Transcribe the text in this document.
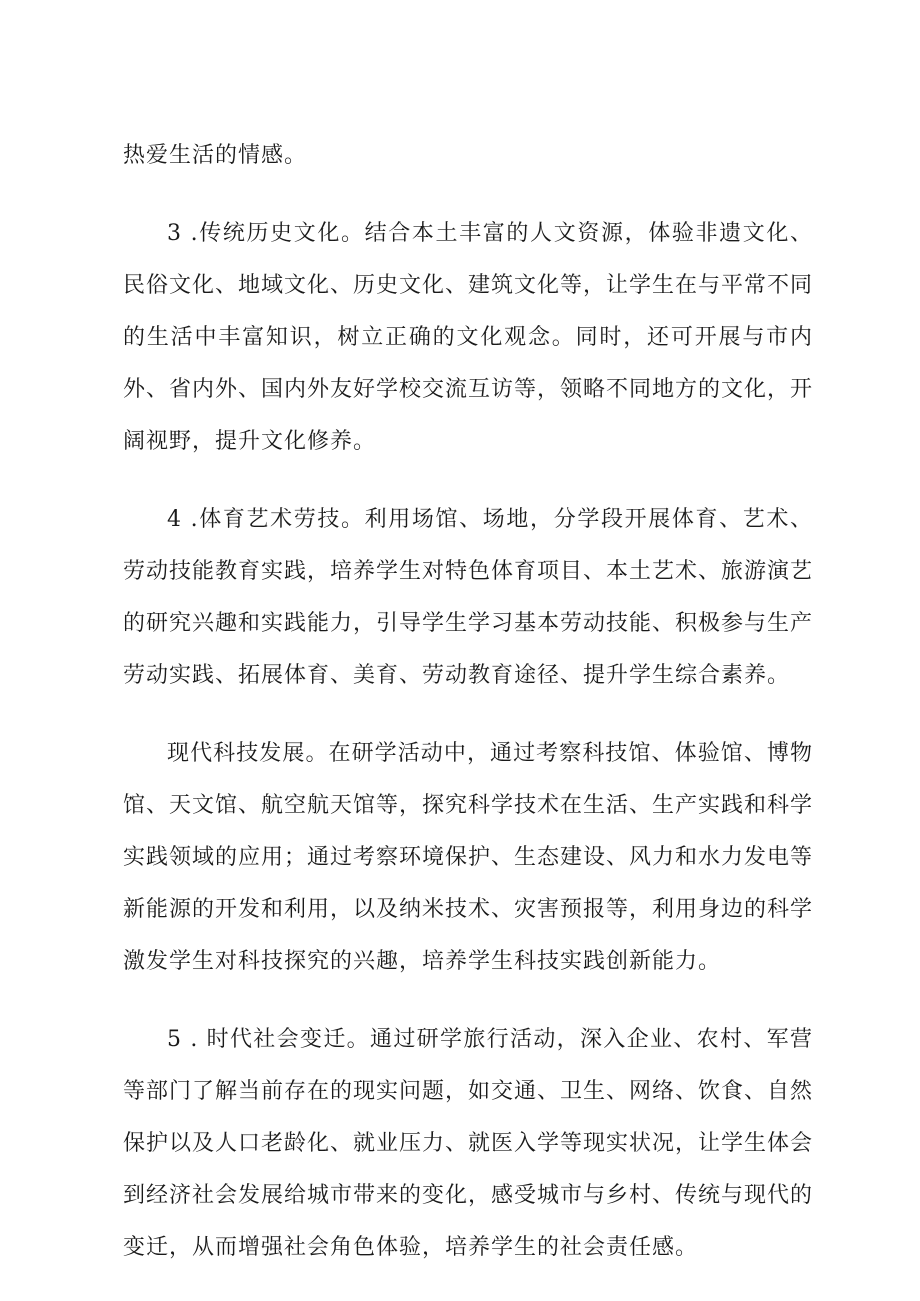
热爱生活的情感。

3 .传统历史文化。结合本土丰富的人文资源，体验非遗文化、民俗文化、地域文化、历史文化、建筑文化等，让学生在与平常不同的生活中丰富知识，树立正确的文化观念。同时，还可开展与市内外、省内外、国内外友好学校交流互访等，领略不同地方的文化，开阔视野，提升文化修养。

4 .体育艺术劳技。利用场馆、场地，分学段开展体育、艺术、劳动技能教育实践，培养学生对特色体育项目、本土艺术、旅游演艺的研究兴趣和实践能力，引导学生学习基本劳动技能、积极参与生产劳动实践、拓展体育、美育、劳动教育途径、提升学生综合素养。

现代科技发展。在研学活动中，通过考察科技馆、体验馆、博物馆、天文馆、航空航天馆等，探究科学技术在生活、生产实践和科学实践领域的应用；通过考察环境保护、生态建设、风力和水力发电等新能源的开发和利用，以及纳米技术、灾害预报等，利用身边的科学激发学生对科技探究的兴趣，培养学生科技实践创新能力。

5 . 时代社会变迁。通过研学旅行活动，深入企业、农村、军营等部门了解当前存在的现实问题，如交通、卫生、网络、饮食、自然保护以及人口老龄化、就业压力、就医入学等现实状况，让学生体会到经济社会发展给城市带来的变化，感受城市与乡村、传统与现代的变迁，从而增强社会角色体验，培养学生的社会责任感。
